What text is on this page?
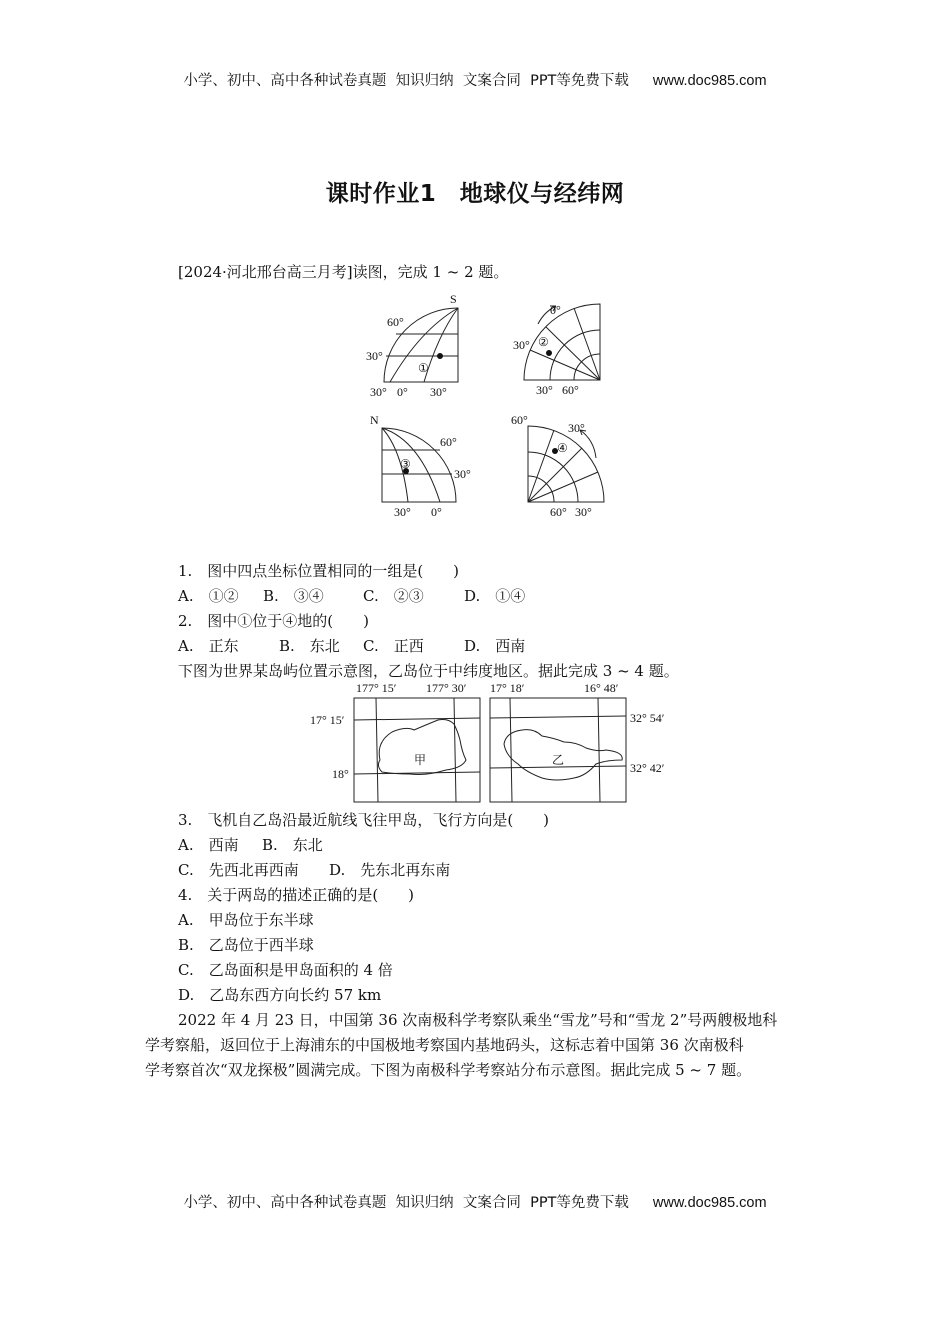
小学、初中、高中各种试卷真题  知识归纳  文案合同  PPT等免费下载 www.doc985.com
课时作业1　地球仪与经纬网
[2024·河北邢台高三月考]读图，完成 1 ~ 2 题。
S
60°
30°
①
30° 0° 30°
0°
30° ②
30° 60°
N
60°
30°
③
30° 0°
60°
30°
④
60° 30°
1.　图中四点坐标位置相同的一组是(　　)
A.　①② B.　③④	C.　②③	D.　①④
2.　图中①位于④地的(　　)
A.　正东	B.　东北 C.　正西	D.　西南
下图为世界某岛屿位置示意图，乙岛位于中纬度地区。据此完成 3 ~ 4 题。
177° 15′ 177° 30′
17° 15′
18°
甲
17° 18′	16° 48′
32° 54′
32° 42′
乙
3.　飞机自乙岛沿最近航线飞往甲岛，飞行方向是(　　)
A.　西南 B.　东北
C.　先西北再西南 D.　先东北再东南
4.　关于两岛的描述正确的是(　　)
A.　甲岛位于东半球
B.　乙岛位于西半球
C.　乙岛面积是甲岛面积的 4 倍
D.　乙岛东西方向长约 57 km
2022 年 4 月 23 日，中国第 36 次南极科学考察队乘坐“雪龙”号和“雪龙 2”号两艘极地科
学考察船，返回位于上海浦东的中国极地考察国内基地码头，这标志着中国第 36 次南极科
学考察首次“双龙探极”圆满完成。下图为南极科学考察站分布示意图。据此完成 5 ~ 7 题。
小学、初中、高中各种试卷真题  知识归纳  文案合同  PPT等免费下载 www.doc985.com
